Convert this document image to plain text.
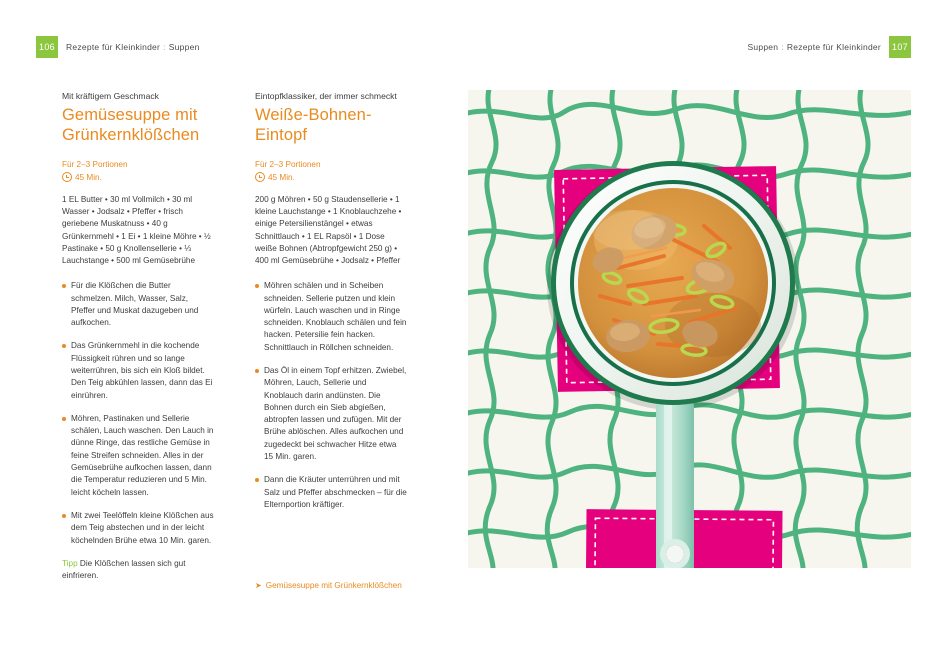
106	Rezepte für Kleinkinder : Suppen	107
Suppen : Rezepte für Kleinkinder

Mit kräftigem Geschmack

Gemüsesuppe mit Grünkernklößchen

Für 2–3 Portionen

45 Min.

1 EL Butter • 30 ml Vollmilch • 30 ml Wasser • Jodsalz • Pfeffer • frisch geriebene Muskatnuss • 40 g Grünkernmehl • 1 Ei • 1 kleine Möhre • ½ Pastinake • 50 g Knollensellerie • ⅓ Lauchstange • 500 ml Gemüsebrühe

Für die Klößchen die Butter schmelzen. Milch, Wasser, Salz, Pfeffer und Muskat dazugeben und aufkochen.

Das Grünkernmehl in die kochende Flüssigkeit rühren und so lange weiterrühren, bis sich ein Kloß bildet. Den Teig abkühlen lassen, dann das Ei einrühren.

Möhren, Pastinaken und Sellerie schälen, Lauch waschen. Den Lauch in dünne Ringe, das restliche Gemüse in feine Streifen schneiden. Alles in der Gemüsebrühe aufkochen lassen, dann die Temperatur reduzieren und 5 Min. leicht köcheln lassen.

Mit zwei Teelöffeln kleine Klößchen aus dem Teig abstechen und in der leicht köchelnden Brühe etwa 10 Min. garen.

Tipp Die Klößchen lassen sich gut einfrieren.

Eintopfklassiker, der immer schmeckt

Weiße-Bohnen-Eintopf

Für 2–3 Portionen

45 Min.

200 g Möhren • 50 g Staudensellerie • 1 kleine Lauchstange • 1 Knoblauchzehe • einige Petersilienstängel • etwas Schnittlauch • 1 EL Rapsöl • 1 Dose weiße Bohnen (Abtropfgewicht 250 g) • 400 ml Gemüsebrühe • Jodsalz • Pfeffer

Möhren schälen und in Scheiben schneiden. Sellerie putzen und klein würfeln. Lauch waschen und in Ringe schneiden. Knoblauch schälen und fein hacken. Petersilie fein hacken. Schnittlauch in Röllchen schneiden.

Das Öl in einem Topf erhitzen. Zwiebel, Möhren, Lauch, Sellerie und Knoblauch darin andünsten. Die Bohnen durch ein Sieb abgießen, abtropfen lassen und zufügen. Mit der Brühe ablöschen. Alles aufkochen und zugedeckt bei schwacher Hitze etwa 15 Min. garen.

Dann die Kräuter unterrühren und mit Salz und Pfeffer abschmecken – für die Elternportion kräftiger.

➤ Gemüsesuppe mit Grünkernklößchen
